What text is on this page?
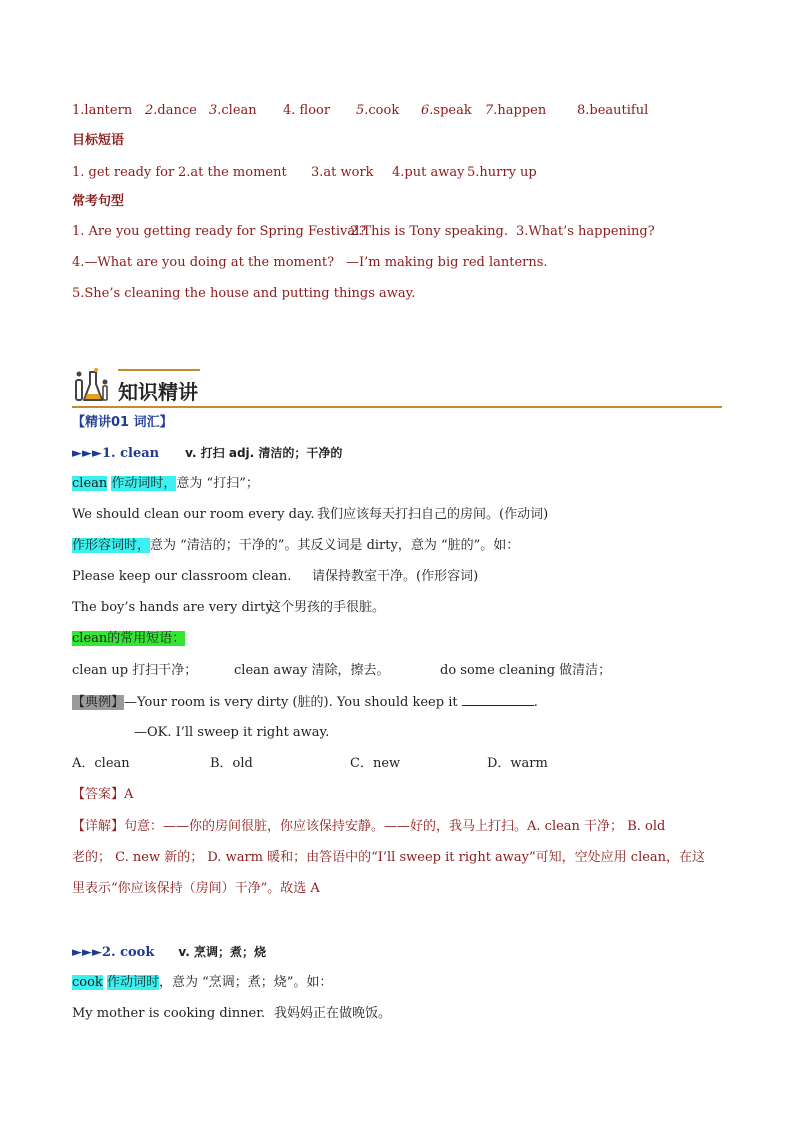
1.lantern 2.dance 3.clean 4. floor 5.cook 6.speak 7.happen 8.beautiful
目标短语
1. get ready for 2.at the moment 3.at work 4.put away 5.hurry up
常考句型
1. Are you getting ready for Spring Festival?2.This is Tony speaking. 3.What’s happening?
4.—What are you doing at the moment? —I’m making big red lanterns.
5.She’s cleaning the house and putting things away.
知识精讲
【精讲01 词汇】
►►►1. clean v. 打扫 adj. 清洁的；干净的
clean 作动词时，意为 “打扫”；
We should clean our room every day. 我们应该每天打扫自己的房间。(作动词)
作形容词时，意为 “清洁的；干净的”。其反义词是 dirty，意为 “脏的”。如：
Please keep our classroom clean. 请保持教室干净。(作形容词)
The boy’s hands are very dirty.这个男孩的手很脏。
clean的常用短语：
clean up 打扫干净；	clean away 清除，擦去。	do some cleaning 做清洁；
【典例】—Your room is very dirty (脏的). You should keep it	.
—OK. I’ll sweep it right away.
A．clean	B．old	C．new	D．warm
【答案】A
【详解】句意：——你的房间很脏，你应该保持安静。——好的，我马上打扫。A. clean 干净； B. old
老的； C. new 新的； D. warm 暖和；由答语中的“I’ll sweep it right away”可知，空处应用 clean，在这
里表示“你应该保持（房间）干净”。故选 A
►►►2. cook v. 烹调；煮；烧
cook 作动词时，意为 “烹调；煮；烧”。如：
My mother is cooking dinner. 我妈妈正在做晚饭。
